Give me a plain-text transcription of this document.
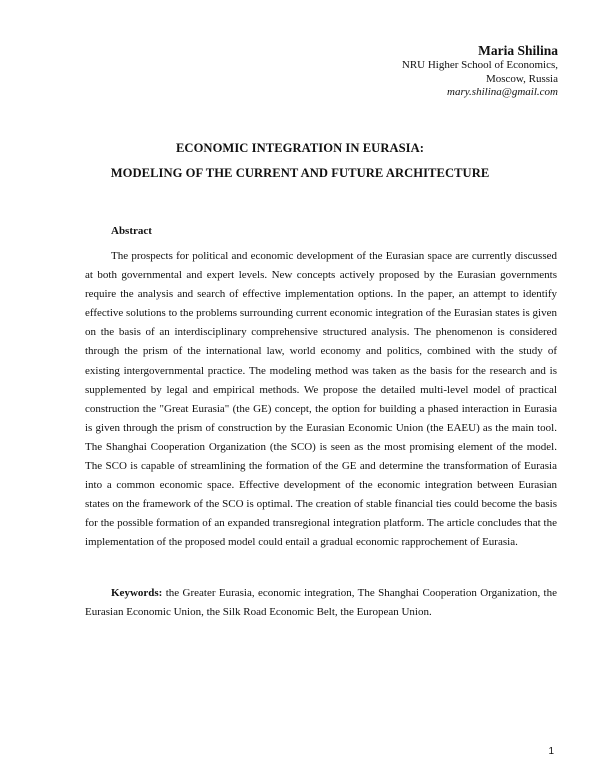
Maria Shilina
NRU Higher School of Economics,
Moscow, Russia
mary.shilina@gmail.com
ECONOMIC INTEGRATION IN EURASIA:
MODELING OF THE CURRENT AND FUTURE ARCHITECTURE
Abstract
The prospects for political and economic development of the Eurasian space are currently discussed at both governmental and expert levels. New concepts actively proposed by the Eurasian governments require the analysis and search of effective implementation options. In the paper, an attempt to identify effective solutions to the problems surrounding current economic integration of the Eurasian states is given on the basis of an interdisciplinary comprehensive structured analysis. The phenomenon is considered through the prism of the international law, world economy and politics, combined with the study of existing intergovernmental practice. The modeling method was taken as the basis for the research and is supplemented by legal and empirical methods. We propose the detailed multi-level model of practical construction the "Great Eurasia" (the GE) concept, the option for building a phased interaction in Eurasia is given through the prism of construction by the Eurasian Economic Union (the EAEU) as the main tool. The Shanghai Cooperation Organization (the SCO) is seen as the most promising element of the model. The SCO is capable of streamlining the formation of the GE and determine the transformation of Eurasia into a common economic space. Effective development of the economic integration between Eurasian states on the framework of the SCO is optimal. The creation of stable financial ties could become the basis for the possible formation of an expanded transregional integration platform. The article concludes that the implementation of the proposed model could entail a gradual economic rapprochement of Eurasia.
Keywords: the Greater Eurasia, economic integration, The Shanghai Cooperation Organization, the Eurasian Economic Union, the Silk Road Economic Belt, the European Union.
1
